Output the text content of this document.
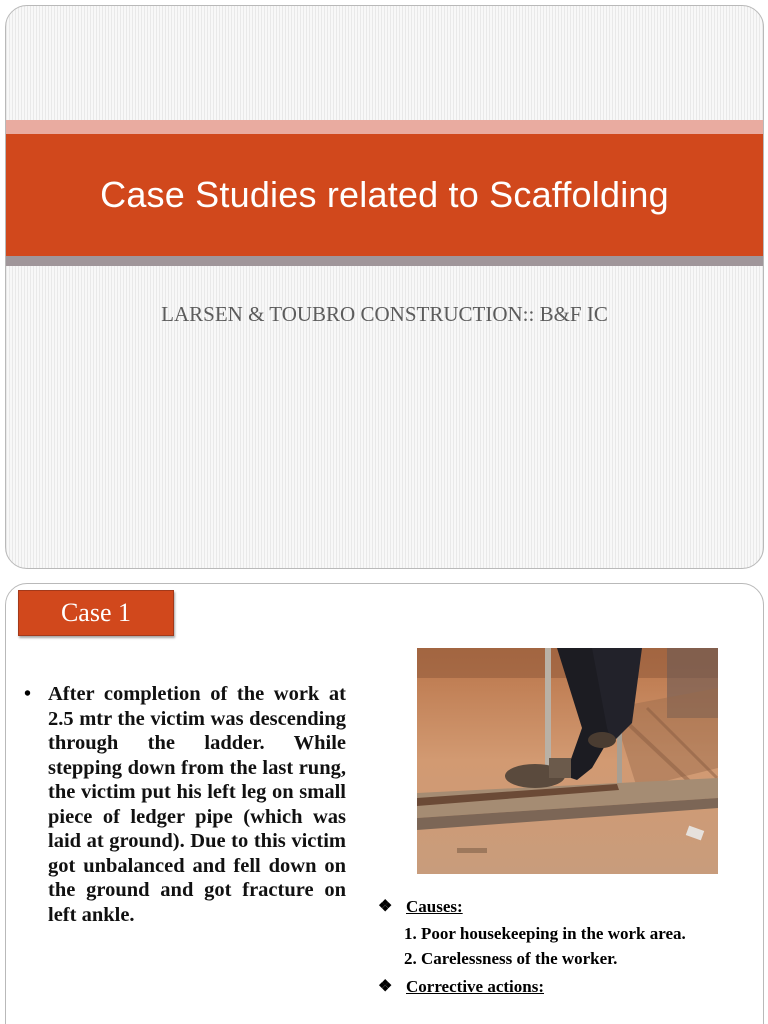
Case Studies related to Scaffolding
LARSEN & TOUBRO CONSTRUCTION:: B&F IC
Case 1
• After completion of the work at 2.5 mtr the victim was descending through the ladder. While stepping down from the last rung, the victim put his left leg on small piece of ledger pipe (which was laid at ground). Due to this victim got unbalanced and fell down on the ground and got fracture on left ankle.	❖ Causes:
1. Poor housekeeping in the work area.
2. Carelessness of the worker.
❖ Corrective actions:
